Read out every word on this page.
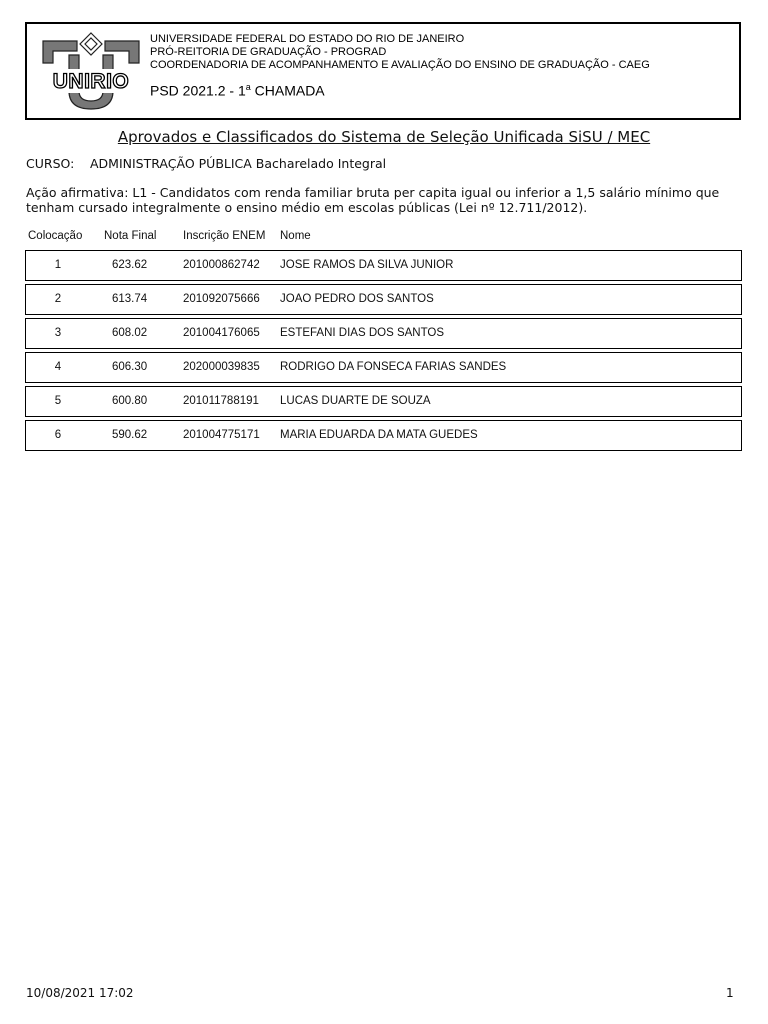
UNIRIO
UNIVERSIDADE FEDERAL DO ESTADO DO RIO DE JANEIRO
PRÓ-REITORIA DE GRADUAÇÃO - PROGRAD
COORDENADORIA DE ACOMPANHAMENTO E AVALIAÇÃO DO ENSINO DE GRADUAÇÃO - CAEG
PSD 2021.2 - 1$^a$ CHAMADA
Aprovados e Classificados do Sistema de Seleção Unificada SiSU / MEC
CURSO: ADMINISTRAÇÃO PÚBLICA Bacharelado Integral
Ação afirmativa: L1 - Candidatos com renda familiar bruta per capita igual ou inferior a 1,5 salário mínimo que tenham cursado integralmente o ensino médio em escolas públicas (Lei nº 12.711/2012).
Colocação Nota Final Inscrição ENEM Nome
1	623.62	201000862742 JOSE RAMOS DA SILVA JUNIOR
2	613.74	201092075666 JOAO PEDRO DOS SANTOS
3	608.02	201004176065 ESTEFANI DIAS DOS SANTOS
4	606.30	202000039835 RODRIGO DA FONSECA FARIAS SANDES
5	600.80	201011788191 LUCAS DUARTE DE SOUZA
6	590.62	201004775171 MARIA EDUARDA DA MATA GUEDES
10/08/2021 17:02	1
